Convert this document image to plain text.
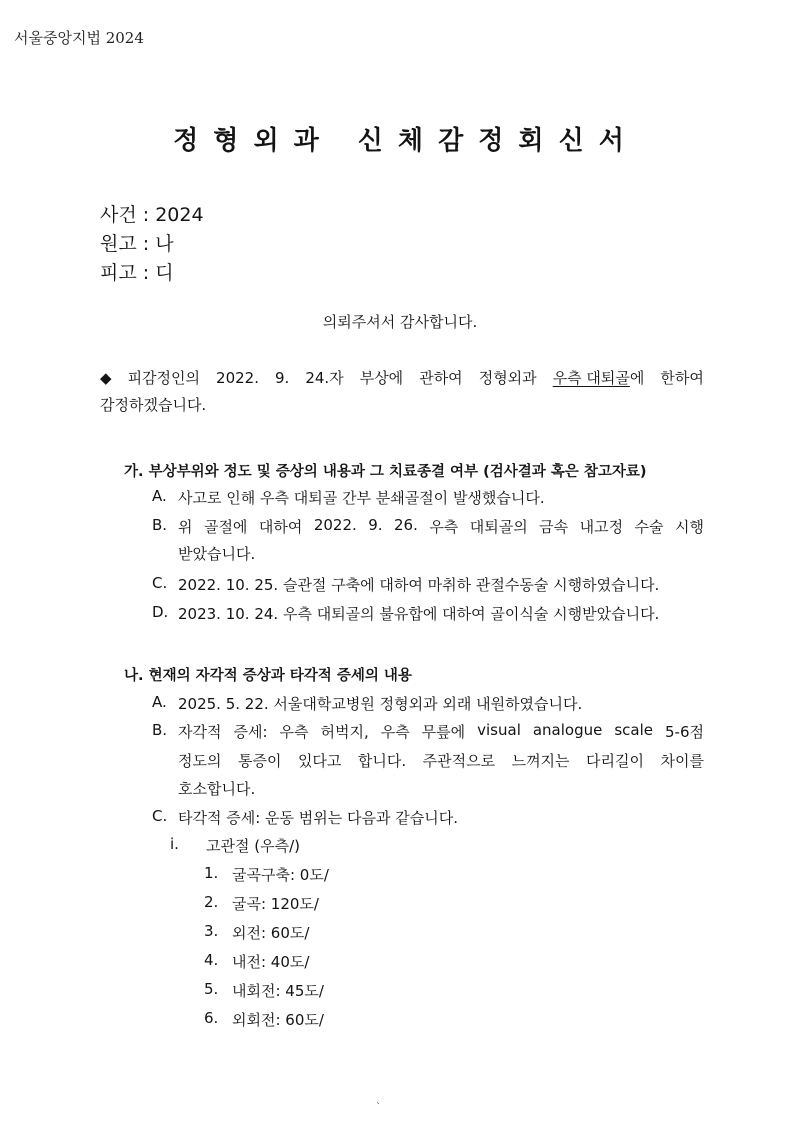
서울중앙지법 2024

정 형 외 과 신 체 감 정 회 신 서
사건 : 2024
원고 : 나
피고 : 디

의뢰주셔서 감사합니다.

◆ 피감정인의 2022. 9. 24.자 부상에 관하여 정형외과 우측 대퇴골에 한하여
감정하겠습니다.

가. 부상부위와 정도 및 증상의 내용과 그 치료종결 여부 (검사결과 혹은 참고자료)

A. 사고로 인해 우측 대퇴골 간부 분쇄골절이 발생했습니다.
B. 위 골절에 대하여 2022. 9. 26. 우측 대퇴골의 금속 내고정 수술 시행

받았습니다.

C. 2022. 10. 25. 슬관절 구축에 대하여 마취하 관절수동술 시행하였습니다.
D. 2023. 10. 24. 우측 대퇴골의 불유합에 대하여 골이식술 시행받았습니다.

나. 현재의 자각적 증상과 타각적 증세의 내용

A. 2025. 5. 22. 서울대학교병원 정형외과 외래 내원하였습니다.
B. 자각적 증세: 우측 허벅지, 우측 무릎에 visual analogue scale 5-6점
정도의 통증이 있다고 합니다. 주관적으로 느껴지는 다리길이 차이를

호소합니다.

C. 타각적 증세: 운동 범위는 다음과 같습니다.
i. 고관절 (우측/)
1. 굴곡구축: 0도/
2. 굴곡: 120도/
3. 외전: 60도/
4. 내전: 40도/
5. 내회전: 45도/
6. 외회전: 60도/

`
